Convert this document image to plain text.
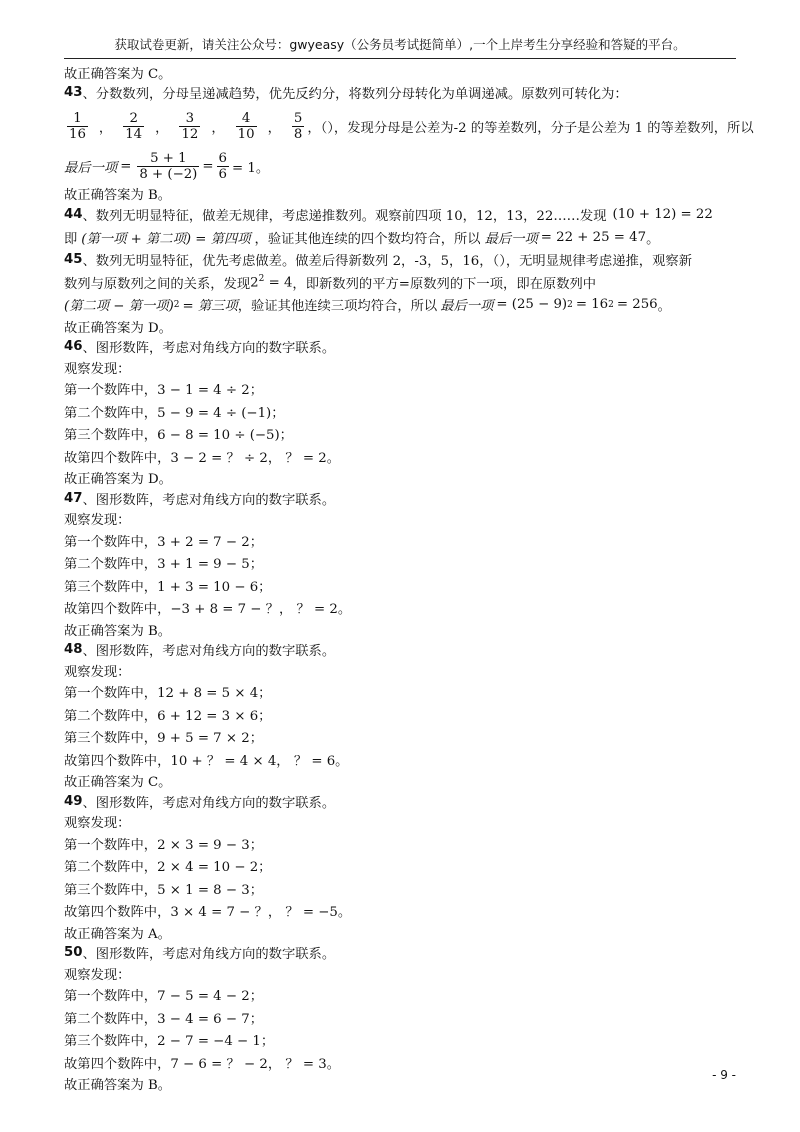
获取试卷更新，请关注公众号：gwyeasy（公务员考试挺简单）,一个上岸考生分享经验和答疑的平台。
故正确答案为 C。
43 、分数数列，分母呈递减趋势，优先反约分，将数列分母转化为单调递减。原数列可转化为：
$\frac{1}{16}$ ， $\frac{2}{14}$ ， $\frac{3}{12}$ ， $\frac{4}{10}$ ， $\frac{5}{8}$ ，（），发现分母是公差为-2 的等差数列，分子是公差为 1 的等差数列，所以
最后一项 = $\frac{5 + 1}{8 + (-2)} = \frac{6}{6} = 1$。
故正确答案为 B。
44 、数列无明显特征，做差无规律，考虑递推数列。观察前四项 10，12，13，22……发现 (10 + 12) = 22
即 (第一项 + 第二项) = 第四项 ，验证其他连续的四个数均符合，所以 最后一项 = 22 + 25 = 47 。
45 、数列无明显特征，优先考虑做差。做差后得新数列 2，-3，5，16，（），无明显规律考虑递推，观察新
数列与原数列之间的关系，发现 $2^2 = 4$ ，即新数列的平方=原数列的下一项，即在原数列中
(第二项 − 第一项) 2 = 第三项 ，验证其他连续三项均符合，所以 最后一项 = (25 − 9) 2 = 16 2 = 256 。
故正确答案为 D。
46 、图形数阵，考虑对角线方向的数字联系。
观察发现：
第一个数阵中， 3 − 1 = 4 ÷ 2；
第二个数阵中， 5 − 9 = 4 ÷ (−1)；
第三个数阵中， 6 − 8 = 10 ÷ (−5)；
故第四个数阵中， 3 − 2 = ？ ÷ 2， ？ = 2。
故正确答案为 D。
47 、图形数阵，考虑对角线方向的数字联系。
观察发现：
第一个数阵中， 3 + 2 = 7 − 2；
第二个数阵中， 3 + 1 = 9 − 5；
第三个数阵中， 1 + 3 = 10 − 6；
故第四个数阵中， −3 + 8 = 7 − ？， ？ = 2。
故正确答案为 B。
48 、图形数阵，考虑对角线方向的数字联系。
观察发现：
第一个数阵中， 12 + 8 = 5 × 4；
第二个数阵中， 6 + 12 = 3 × 6；
第三个数阵中， 9 + 5 = 7 × 2；
故第四个数阵中， 10 + ？ = 4 × 4， ？ = 6。
故正确答案为 C。
49 、图形数阵，考虑对角线方向的数字联系。
观察发现：
第一个数阵中， 2 × 3 = 9 − 3；
第二个数阵中， 2 × 4 = 10 − 2；
第三个数阵中， 5 × 1 = 8 − 3；
故第四个数阵中， 3 × 4 = 7 − ？， ？ = −5。
故正确答案为 A。
50 、图形数阵，考虑对角线方向的数字联系。
观察发现：
第一个数阵中， 7 − 5 = 4 − 2；
第二个数阵中， 3 − 4 = 6 − 7；
第三个数阵中， 2 − 7 = −4 − 1；
故第四个数阵中， 7 − 6 = ？ − 2， ？ = 3。
故正确答案为 B。
- 9 -
